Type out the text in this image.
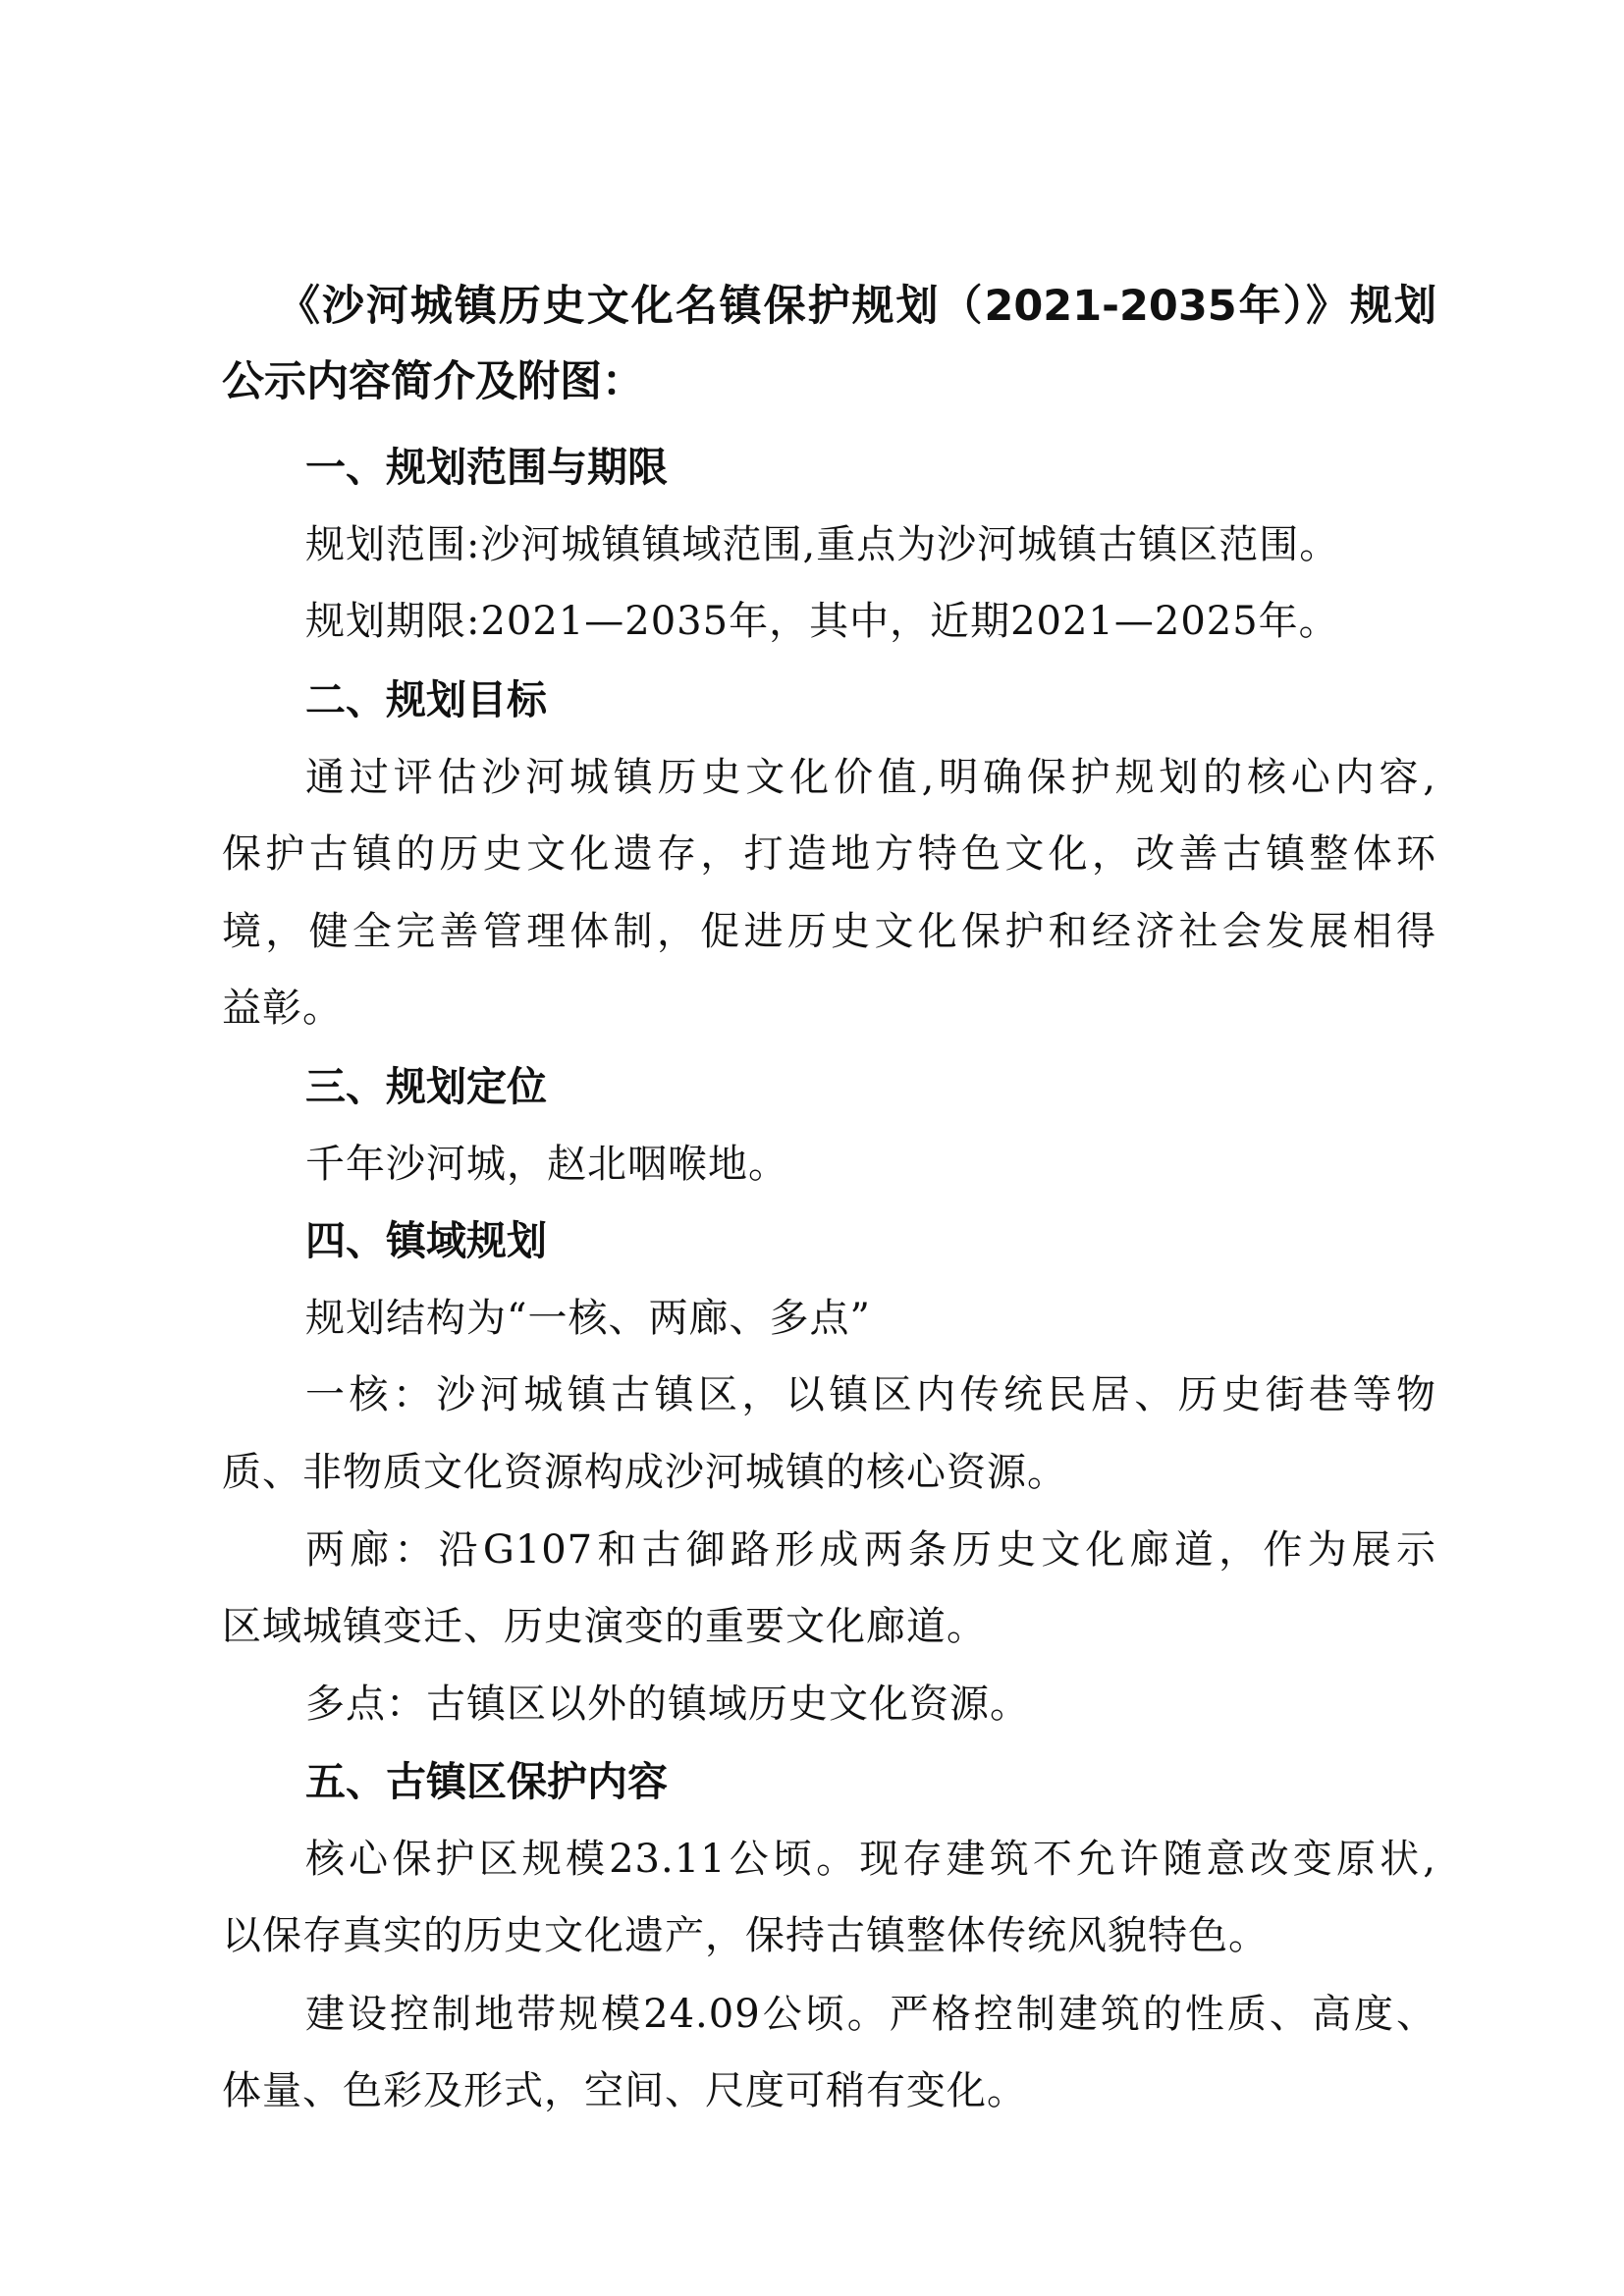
《沙河城镇历史文化名镇保护规划（2021-2035年）》规划
公示内容简介及附图：
一、规划范围与期限
规划范围:沙河城镇镇域范围,重点为沙河城镇古镇区范围。
规划期限:2021—2035年，其中，近期2021—2025年。
二、规划目标
通过评估沙河城镇历史文化价值,明确保护规划的核心内容,
保护古镇的历史文化遗存，打造地方特色文化，改善古镇整体环
境，健全完善管理体制，促进历史文化保护和经济社会发展相得
益彰。
三、规划定位
千年沙河城，赵北咽喉地。
四、镇域规划
规划结构为“一核、两廊、多点”
一核：沙河城镇古镇区，以镇区内传统民居、历史街巷等物
质、非物质文化资源构成沙河城镇的核心资源。
两廊：沿G107和古御路形成两条历史文化廊道，作为展示
区域城镇变迁、历史演变的重要文化廊道。
多点：古镇区以外的镇域历史文化资源。
五、古镇区保护内容
核心保护区规模23.11公顷。现存建筑不允许随意改变原状,
以保存真实的历史文化遗产，保持古镇整体传统风貌特色。
建设控制地带规模24.09公顷。严格控制建筑的性质、高度、
体量、色彩及形式，空间、尺度可稍有变化。
